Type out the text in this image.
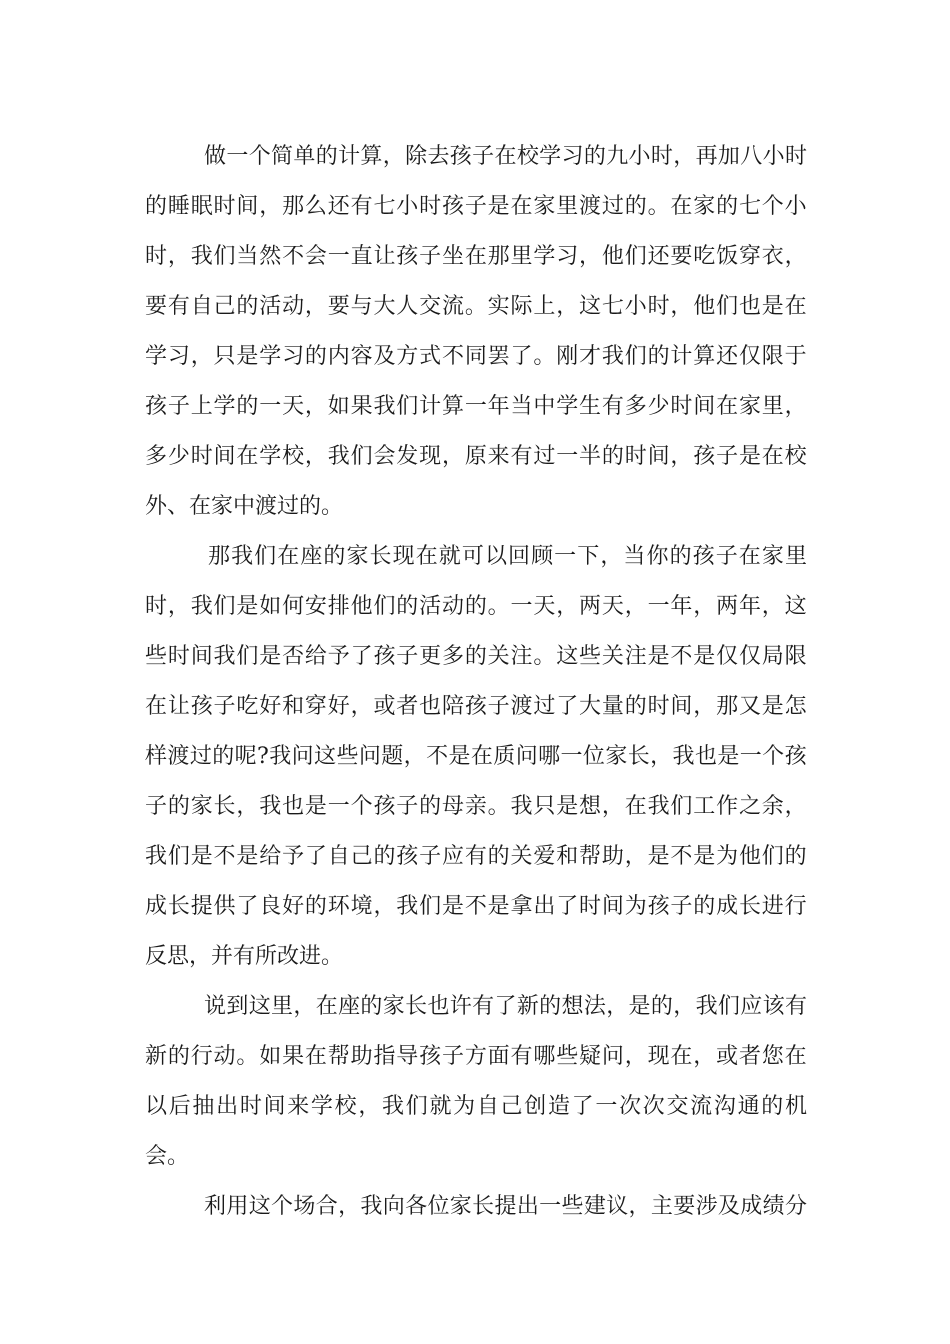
做 一 个 简 单 的 计 算 ， 除 去 孩 子 在 校 学 习 的 九 小 时 ， 再 加 八 小 时
的 睡 眠 时 间 ， 那 么 还 有 七 小 时 孩 子 是 在 家 里 渡 过 的 。 在 家 的 七 个 小
时 ， 我 们 当 然 不 会 一 直 让 孩 子 坐 在 那 里 学 习 ， 他 们 还 要 吃 饭 穿 衣 ，
要 有 自 己 的 活 动 ， 要 与 大 人 交 流 。 实 际 上 ， 这 七 小 时 ， 他 们 也 是 在
学 习 ， 只 是 学 习 的 内 容 及 方 式 不 同 罢 了 。 刚 才 我 们 的 计 算 还 仅 限 于
孩 子 上 学 的 一 天 ， 如 果 我 们 计 算 一 年 当 中 学 生 有 多 少 时 间 在 家 里 ，
多 少 时 间 在 学 校 ， 我 们 会 发 现 ， 原 来 有 过 一 半 的 时 间 ， 孩 子 是 在 校
外、在家中渡过的。
那 我 们 在 座 的 家 长 现 在 就 可 以 回 顾 一 下 ， 当 你 的 孩 子 在 家 里
时 ， 我 们 是 如 何 安 排 他 们 的 活 动 的 。 一 天 ， 两 天 ， 一 年 ， 两 年 ， 这
些 时 间 我 们 是 否 给 予 了 孩 子 更 多 的 关 注 。 这 些 关 注 是 不 是 仅 仅 局 限
在 让 孩 子 吃 好 和 穿 好 ， 或 者 也 陪 孩 子 渡 过 了 大 量 的 时 间 ， 那 又 是 怎
样 渡 过 的 呢 ? 我 问 这 些 问 题 ， 不 是 在 质 问 哪 一 位 家 长 ， 我 也 是 一 个 孩
子 的 家 长 ， 我 也 是 一 个 孩 子 的 母 亲 。 我 只 是 想 ， 在 我 们 工 作 之 余 ，
我 们 是 不 是 给 予 了 自 己 的 孩 子 应 有 的 关 爱 和 帮 助 ， 是 不 是 为 他 们 的
成 长 提 供 了 良 好 的 环 境 ， 我 们 是 不 是 拿 出 了 时 间 为 孩 子 的 成 长 进 行
反思，并有所改进。
说 到 这 里 ， 在 座 的 家 长 也 许 有 了 新 的 想 法 ， 是 的 ， 我 们 应 该 有
新 的 行 动 。 如 果 在 帮 助 指 导 孩 子 方 面 有 哪 些 疑 问 ， 现 在 ， 或 者 您 在
以 后 抽 出 时 间 来 学 校 ， 我 们 就 为 自 己 创 造 了 一 次 次 交 流 沟 通 的 机
会。
利 用 这 个 场 合 ， 我 向 各 位 家 长 提 出 一 些 建 议 ， 主 要 涉 及 成 绩 分
